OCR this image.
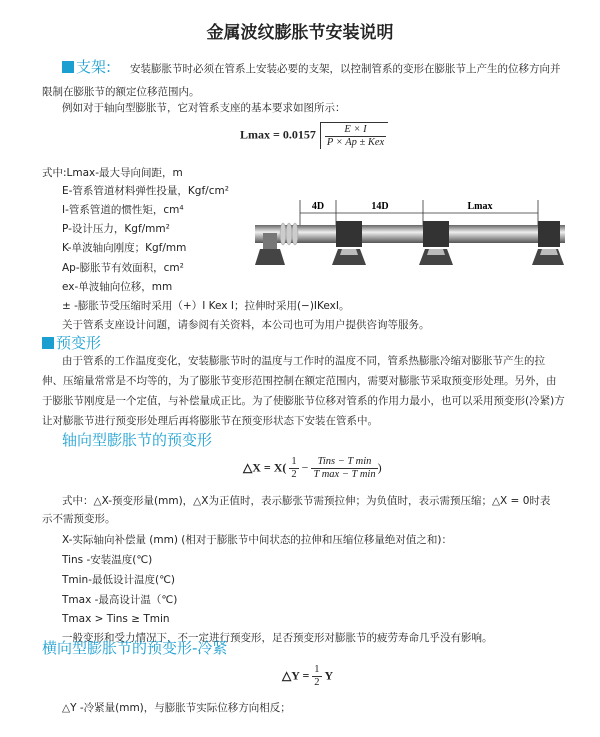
金属波纹膨胀节安装说明
支架: 安装膨胀节时必须在管系上安装必要的支架，以控制管系的变形在膨胀节上产生的位移方向并
限制在膨胀节的额定位移范围内。
例如对于轴向型膨胀节，它对管系支座的基本要求如图所示：
$Lmax = 0.0157 \frac{E \times I}{\text{P × Ap ± Kex}}$
式中:Lmax-最大导向间距，m
E-管系管道材料弹性投量，Kgf/cm²
I-管系管道的惯性矩，cm⁴
P-设计压力，Kgf/mm²
K-单波轴向刚度；Kgf/mm
Ap-膨胀节有效面积，cm²
ex-单波轴向位移，mm
± -膨胀节受压缩时采用（+）I Kex I；拉伸时采用(−)IKexI。
关于管系支座设计问题，请参阅有关资料，本公司也可为用户提供咨询等服务。
4D	14D	Lmax
预变形
由于管系的工作温度变化，安装膨胀节时的温度与工作时的温度不同，管系热膨胀冷缩对膨胀节产生的拉
伸、压缩量常常是不均等的，为了膨胀节变形范围控制在额定范围内，需要对膨胀节采取预变形处理。另外，由
于膨胀节刚度是一个定值，与补偿量成正比。为了使膨胀节位移对管系的作用力最小，也可以采用预变形(冷紧)方
让对膨胀节进行预变形处理后再将膨胀节在预变形状态下安装在管系中。
轴向型膨胀节的预变形
△X = $X( \frac{1}{2} - \frac{\text{Tins − T min}}{\text{T max − T min}}$ )
式中：△X-预变形量(mm)，△X为正值时，表示膨张节需预拉伸；为负值时，表示需预压缩；△X = 0时表
示不需预变形。
X-实际轴向补偿量 (mm) (相对于膨胀节中间状态的拉伸和压缩位移量绝对值之和)：
Tins -安装温度(℃)
Tmin-最低设计温度(℃)
Tmax -最高设计温（℃)
Tmax > Tins ≥ Tmin
一般变形和受力情况下，不一定进行预变形，足否预变形对膨胀节的疲劳寿命几乎没有影响。
横向型膨胀节的预变形-冷紧
△Y = $\frac{1}{2}$ Y
△Y -冷紧量(mm)，与膨胀节实际位移方向相反；
